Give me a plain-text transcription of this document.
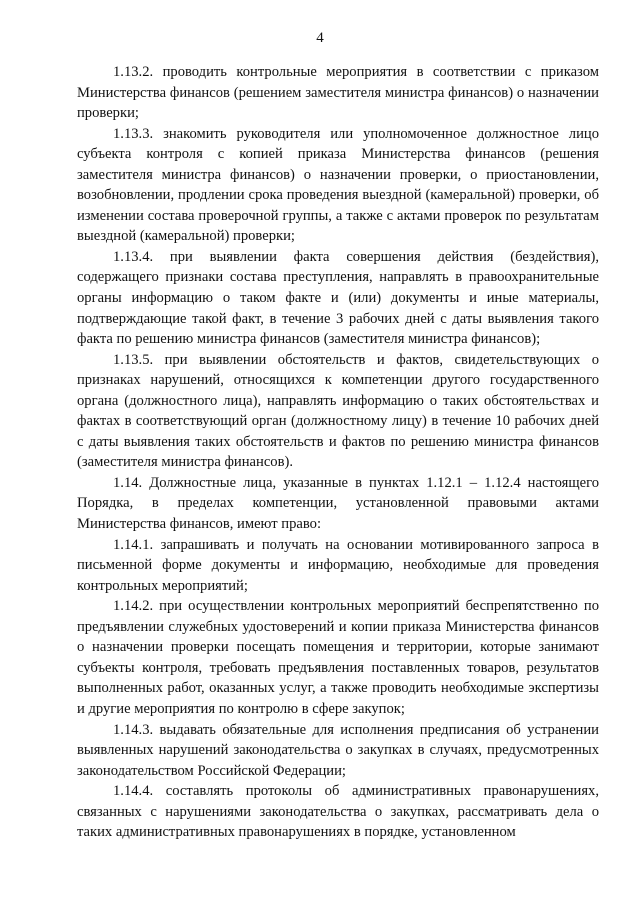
4

1.13.2. проводить контрольные мероприятия в соответствии с приказом Министерства финансов (решением заместителя министра финансов) о назначении проверки;

1.13.3. знакомить руководителя или уполномоченное должностное лицо субъекта контроля с копией приказа Министерства финансов (решения заместителя министра финансов) о назначении проверки, о приостановлении, возобновлении, продлении срока проведения выездной (камеральной) проверки, об изменении состава проверочной группы, а также с актами проверок по результатам выездной (камеральной) проверки;

1.13.4. при выявлении факта совершения действия (бездействия), содержащего признаки состава преступления, направлять в правоохранительные органы информацию о таком факте и (или) документы и иные материалы, подтверждающие такой факт, в течение 3 рабочих дней с даты выявления такого факта по решению министра финансов (заместителя министра финансов);

1.13.5. при выявлении обстоятельств и фактов, свидетельствующих о признаках нарушений, относящихся к компетенции другого государственного органа (должностного лица), направлять информацию о таких обстоятельствах и фактах в соответствующий орган (должностному лицу) в течение 10 рабочих дней с даты выявления таких обстоятельств и фактов по решению министра финансов (заместителя министра финансов).

1.14. Должностные лица, указанные в пунктах 1.12.1 – 1.12.4 настоящего Порядка, в пределах компетенции, установленной правовыми актами Министерства финансов, имеют право:

1.14.1. запрашивать и получать на основании мотивированного запроса в письменной форме документы и информацию, необходимые для проведения контрольных мероприятий;

1.14.2. при осуществлении контрольных мероприятий беспрепятственно по предъявлении служебных удостоверений и копии приказа Министерства финансов о назначении проверки посещать помещения и территории, которые занимают субъекты контроля, требовать предъявления поставленных товаров, результатов выполненных работ, оказанных услуг, а также проводить необходимые экспертизы и другие мероприятия по контролю в сфере закупок;

1.14.3. выдавать обязательные для исполнения предписания об устранении выявленных нарушений законодательства о закупках в случаях, предусмотренных законодательством Российской Федерации;

1.14.4. составлять протоколы об административных правонарушениях, связанных с нарушениями законодательства о закупках, рассматривать дела о таких административных правонарушениях в порядке, установленном
